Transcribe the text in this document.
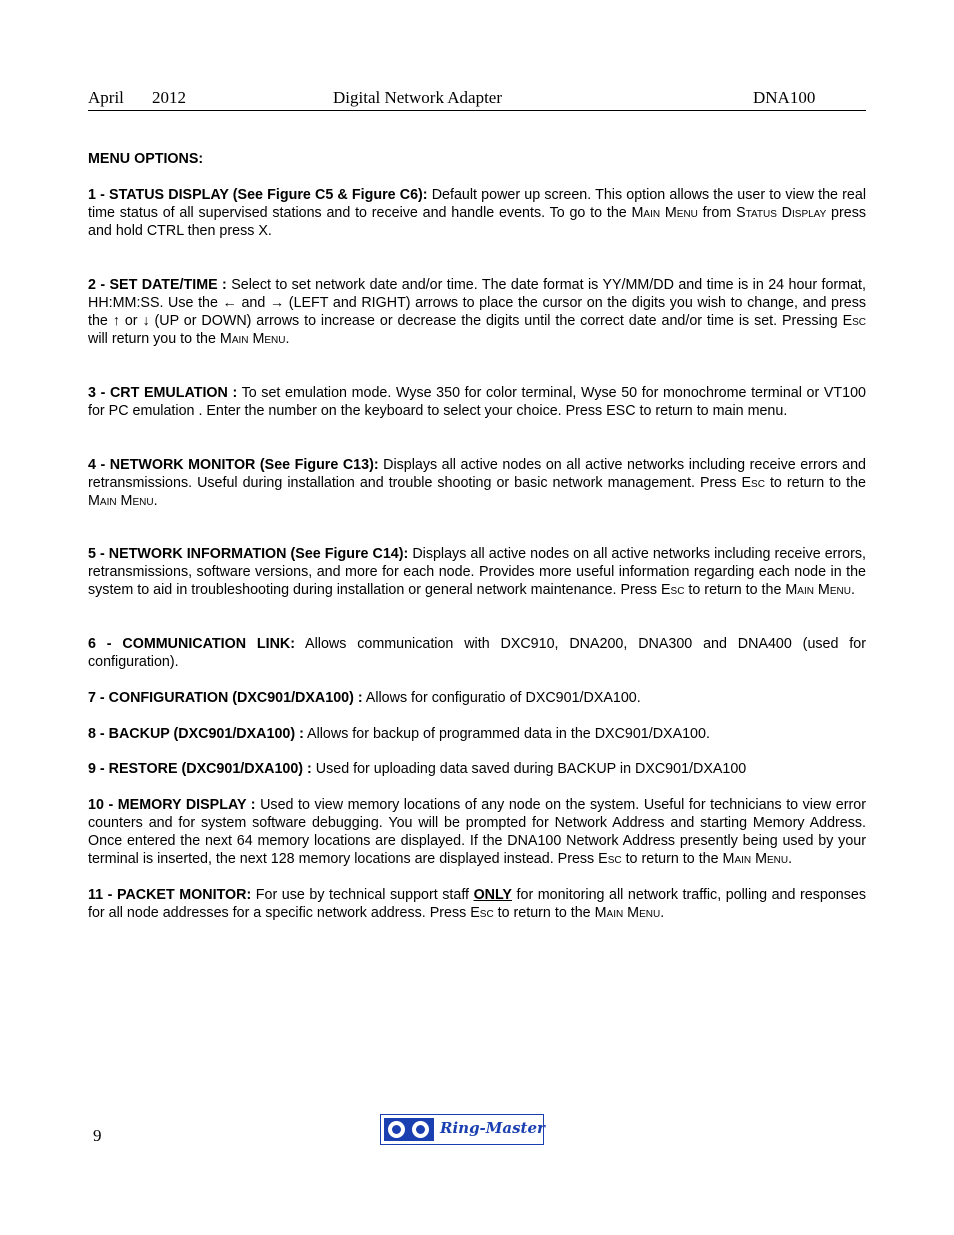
April 2012	Digital Network Adapter	DNA100

MENU OPTIONS:

1 - STATUS DISPLAY (See Figure C5 & Figure C6): Default power up screen. This option allows the user to view the real time status of all supervised stations and to receive and handle events. To go to the Main Menu from Status Display press and hold CTRL then press X.

2 - SET DATE/TIME : Select to set network date and/or time. The date format is YY/MM/DD and time is in 24 hour format, HH:MM:SS. Use the ← and → (LEFT and RIGHT) arrows to place the cursor on the digits you wish to change, and press the ↑ or ↓ (UP or DOWN) arrows to increase or decrease the digits until the correct date and/or time is set. Pressing Esc will return you to the Main Menu.

3 - CRT EMULATION : To set emulation mode. Wyse 350 for color terminal, Wyse 50 for monochrome terminal or VT100 for PC emulation . Enter the number on the keyboard to select your choice. Press ESC to return to main menu.

4 - NETWORK MONITOR (See Figure C13): Displays all active nodes on all active networks including receive errors and retransmissions. Useful during installation and trouble shooting or basic network management. Press Esc to return to the Main Menu.

5 - NETWORK INFORMATION (See Figure C14): Displays all active nodes on all active networks including receive errors, retransmissions, software versions, and more for each node. Provides more useful information regarding each node in the system to aid in troubleshooting during installation or general network maintenance. Press Esc to return to the Main Menu.

6 - COMMUNICATION LINK: Allows communication with DXC910, DNA200, DNA300 and DNA400 (used for configuration).

7 - CONFIGURATION (DXC901/DXA100) : Allows for configuratio of DXC901/DXA100.

8 - BACKUP (DXC901/DXA100) : Allows for backup of programmed data in the DXC901/DXA100.

9 - RESTORE (DXC901/DXA100) : Used for uploading data saved during BACKUP in DXC901/DXA100

10 - MEMORY DISPLAY : Used to view memory locations of any node on the system. Useful for technicians to view error counters and for system software debugging. You will be prompted for Network Address and starting Memory Address. Once entered the next 64 memory locations are displayed. If the DNA100 Network Address presently being used by your terminal is inserted, the next 128 memory locations are displayed instead. Press Esc to return to the Main Menu.

11 - PACKET MONITOR: For use by technical support staff ONLY for monitoring all network traffic, polling and responses for all node addresses for a specific network address. Press Esc to return to the Main Menu.

9	Ring-Master
